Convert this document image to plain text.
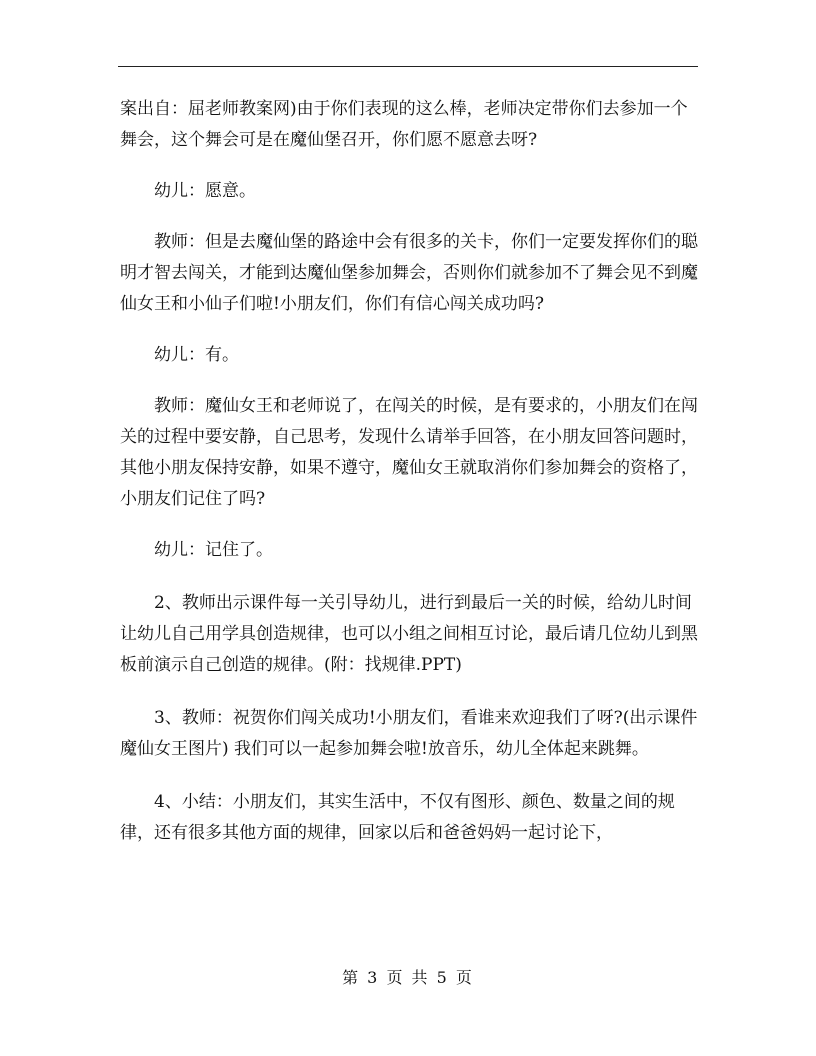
案出自：屈老师教案网)由于你们表现的这么棒，老师决定带你们去参加一个舞会，这个舞会可是在魔仙堡召开，你们愿不愿意去呀?

幼儿：愿意。

教师：但是去魔仙堡的路途中会有很多的关卡，你们一定要发挥你们的聪明才智去闯关，才能到达魔仙堡参加舞会，否则你们就参加不了舞会见不到魔仙女王和小仙子们啦!小朋友们，你们有信心闯关成功吗?

幼儿：有。

教师：魔仙女王和老师说了，在闯关的时候，是有要求的，小朋友们在闯关的过程中要安静，自己思考，发现什么请举手回答，在小朋友回答问题时，其他小朋友保持安静，如果不遵守，魔仙女王就取消你们参加舞会的资格了，小朋友们记住了吗?

幼儿：记住了。

2、教师出示课件每一关引导幼儿，进行到最后一关的时候，给幼儿时间让幼儿自己用学具创造规律，也可以小组之间相互讨论，最后请几位幼儿到黑板前演示自己创造的规律。(附：找规律.PPT)

3、教师：祝贺你们闯关成功!小朋友们，看谁来欢迎我们了呀?(出示课件魔仙女王图片) 我们可以一起参加舞会啦!放音乐，幼儿全体起来跳舞。

4、小结：小朋友们，其实生活中，不仅有图形、颜色、数量之间的规律，还有很多其他方面的规律，回家以后和爸爸妈妈一起讨论下，

第 3 页 共 5 页
